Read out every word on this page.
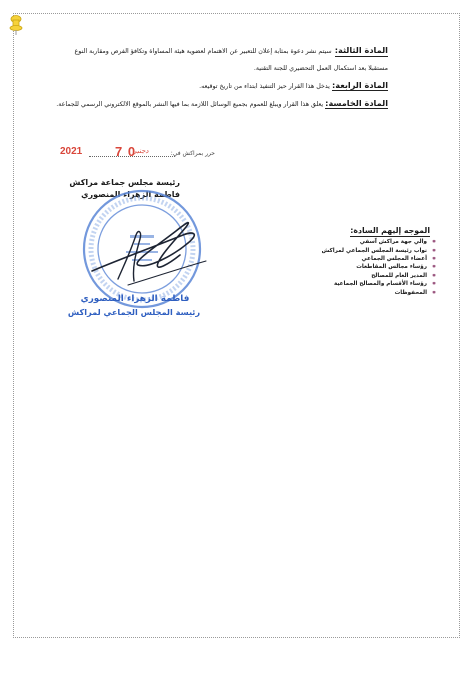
المادة الثالثة:
سيتم نشر دعوة بمثابة إعلان للتعبير عن الاهتمام لعضوية هيئة المساواة وتكافؤ الفرص ومقاربة النوع
مستقبلا بعد استكمال العمل التحضيري للجنة التقنية.
المادة الرابعة: يدخل هذا القرار حيز التنفيذ ابتداء من تاريخ توقيعه.
المادة الخامسة: يعلق هذا القرار ويبلغ للعموم بجميع الوسائل اللازمة بما فيها النشر بالموقع الالكتروني الرسمي للجماعة.
حرر بمراكش في:
دجنبر
0 7
2021
رئيسة مجلس جماعة مراكش
فاطمة الزهراء المنصوري
فاطمة الزهراء المنصوري
رئيسة المجلس الجماعي لمراكش
الموجه إليهم السادة:
⌗
والي جهة مراكش آسفي
⌗
نواب رئيسة المجلس الجماعي لمراكش
⌗
أعضاء المجلس الجماعي
⌗
رؤساء مجالس المقاطعات
⌗
المدير العام للمصالح
⌗
رؤساء الأقسام والمصالح الجماعية
⌗
المحفوظات
